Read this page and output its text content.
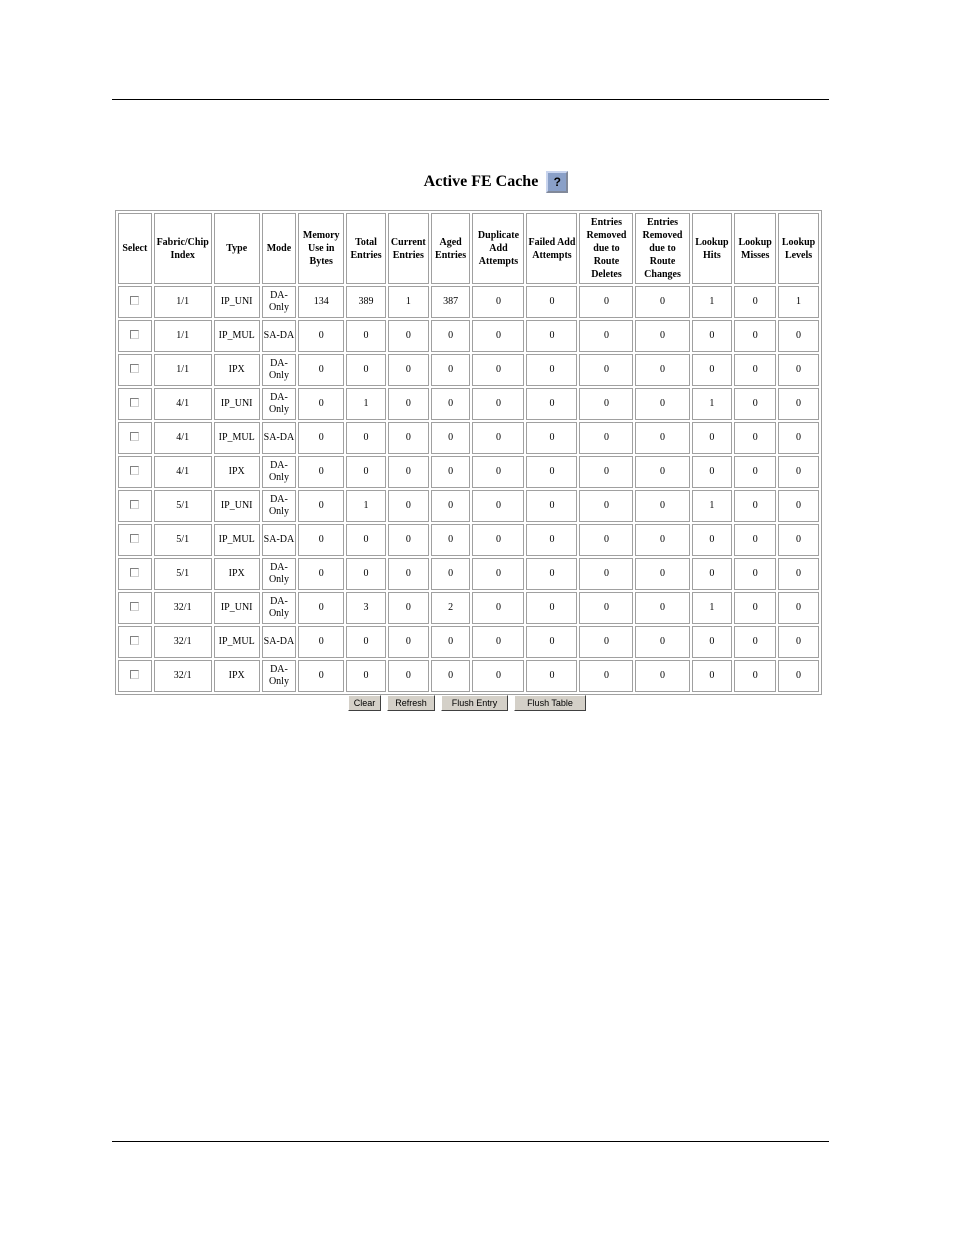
Active FE Cache ?
Select	Fabric/Chip Index	Type	Mode	Memory Use in Bytes	Total Entries	Current Entries	Aged Entries	Duplicate Add Attempts	Failed Add Attempts	Entries Removed due to Route Deletes	Entries Removed due to Route Changes	Lookup Hits	Lookup Misses	Lookup Levels
	1/1	IP_UNI	DA-Only	134	389	1	387	0	0	0	0	1	0	1
	1/1	IP_MUL	SA-DA	0	0	0	0	0	0	0	0	0	0	0
	1/1	IPX	DA-Only	0	0	0	0	0	0	0	0	0	0	0
	4/1	IP_UNI	DA-Only	0	1	0	0	0	0	0	0	1	0	0
	4/1	IP_MUL	SA-DA	0	0	0	0	0	0	0	0	0	0	0
	4/1	IPX	DA-Only	0	0	0	0	0	0	0	0	0	0	0
	5/1	IP_UNI	DA-Only	0	1	0	0	0	0	0	0	1	0	0
	5/1	IP_MUL	SA-DA	0	0	0	0	0	0	0	0	0	0	0
	5/1	IPX	DA-Only	0	0	0	0	0	0	0	0	0	0	0
	32/1	IP_UNI	DA-Only	0	3	0	2	0	0	0	0	1	0	0
	32/1	IP_MUL	SA-DA	0	0	0	0	0	0	0	0	0	0	0
	32/1	IPX	DA-Only	0	0	0	0	0	0	0	0	0	0	0
Clear	Refresh	Flush Entry	Flush Table
